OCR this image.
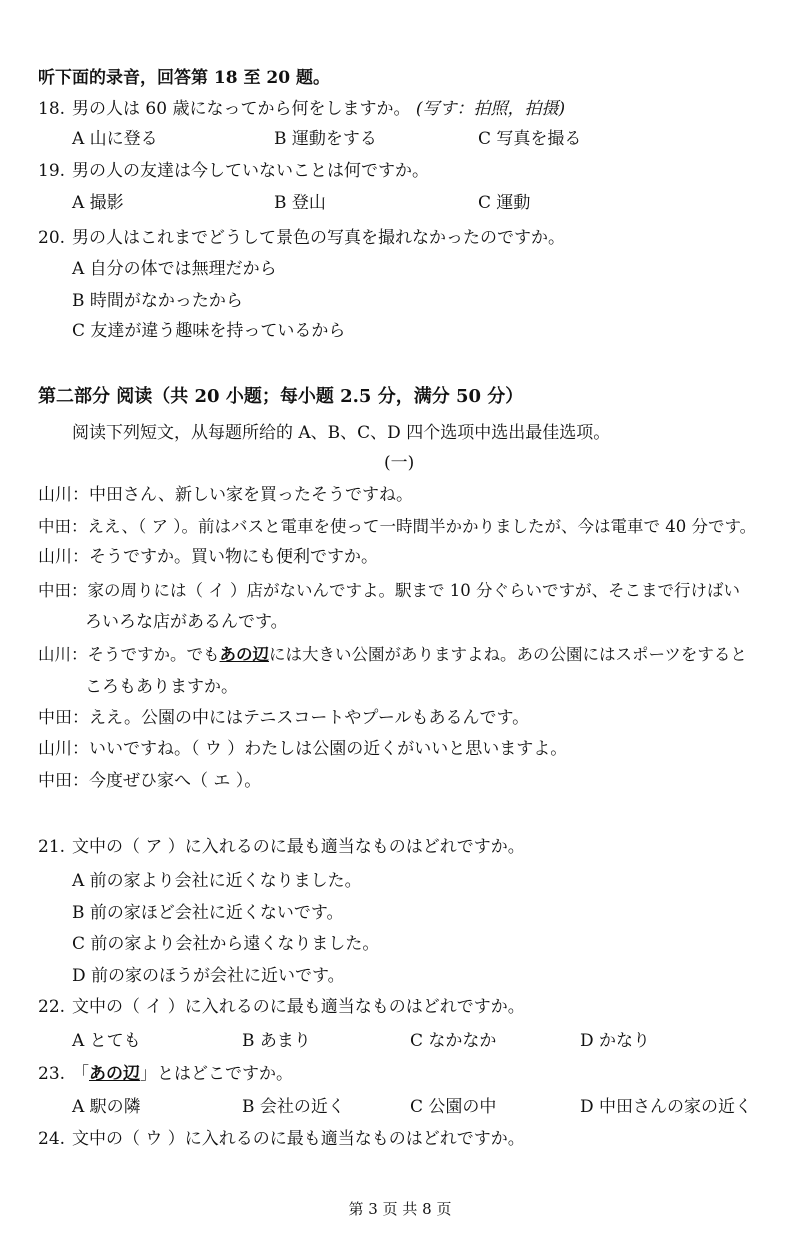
听下面的录音，回答第 18 至 20 题。
18. 男の人は 60 歳になってから何をしますか。 (写す：拍照，拍摄)
A 山に登る	B 運動をする	C 写真を撮る
19. 男の人の友達は今していないことは何ですか。
A 撮影	B 登山	C 運動
20. 男の人はこれまでどうして景色の写真を撮れなかったのですか。
A 自分の体では無理だから
B 時間がなかったから
C 友達が違う趣味を持っているから
第二部分 阅读（共 20 小题；每小题 2.5 分，满分 50 分）
阅读下列短文，从每题所给的 A、B、C、D 四个选项中选出最佳选项。
(一)
山川：中田さん、新しい家を買ったそうですね。
中田：ええ、（ ア ）。前はバスと電車を使って一時間半かかりましたが、今は電車で 40 分です。
山川：そうですか。買い物にも便利ですか。
中田：家の周りには（ イ ）店がないんですよ。駅まで 10 分ぐらいですが、そこまで行けばい
ろいろな店があるんです。
山川：そうですか。でもあの辺には大きい公園がありますよね。あの公園にはスポーツをすると
ころもありますか。
中田：ええ。公園の中にはテニスコートやプールもあるんです。
山川：いいですね。（ ウ ）わたしは公園の近くがいいと思いますよ。
中田：今度ぜひ家へ（ エ ）。
21. 文中の（ ア ）に入れるのに最も適当なものはどれですか。
A 前の家より会社に近くなりました。
B 前の家ほど会社に近くないです。
C 前の家より会社から遠くなりました。
D 前の家のほうが会社に近いです。
22. 文中の（ イ ）に入れるのに最も適当なものはどれですか。
A とても	B あまり	C なかなか	D かなり
23. 「あの辺」とはどこですか。
A 駅の隣	B 会社の近く	C 公園の中	D 中田さんの家の近く
24. 文中の（ ウ ）に入れるのに最も適当なものはどれですか。
第 3 页 共 8 页
